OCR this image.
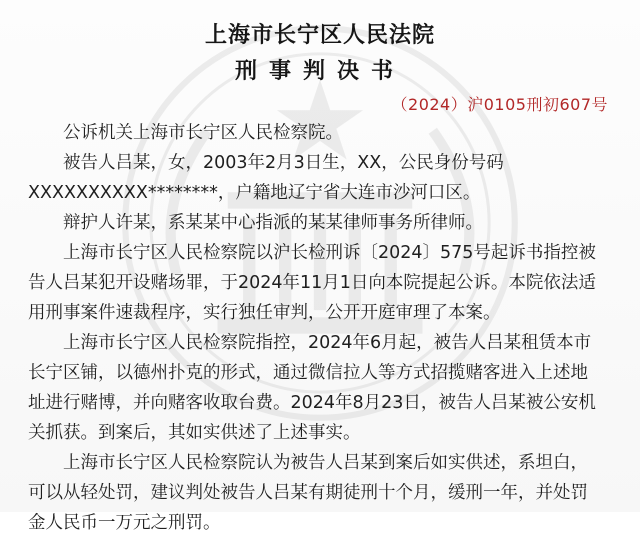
上海市长宁区人民法院
刑事判决书
（2024）沪0105刑初607号

公诉机关上海市长宁区人民检察院。

被告人吕某，女，2003年2月3日生，XX，公民身份号码
XXXXXXXXXX********，户籍地辽宁省大连市沙河口区。

辩护人许某，系某某中心指派的某某律师事务所律师。

上海市长宁区人民检察院以沪长检刑诉〔2024〕575号起诉书指控被
告人吕某犯开设赌场罪，于2024年11月1日向本院提起公诉。本院依法适
用刑事案件速裁程序，实行独任审判，公开开庭审理了本案。

上海市长宁区人民检察院指控，2024年6月起，被告人吕某租赁本市
长宁区铺，以德州扑克的形式，通过微信拉人等方式招揽赌客进入上述地
址进行赌博，并向赌客收取台费。2024年8月23日，被告人吕某被公安机
关抓获。到案后，其如实供述了上述事实。

上海市长宁区人民检察院认为被告人吕某到案后如实供述，系坦白，
可以从轻处罚，建议判处被告人吕某有期徒刑十个月，缓刑一年，并处罚
金人民币一万元之刑罚。
